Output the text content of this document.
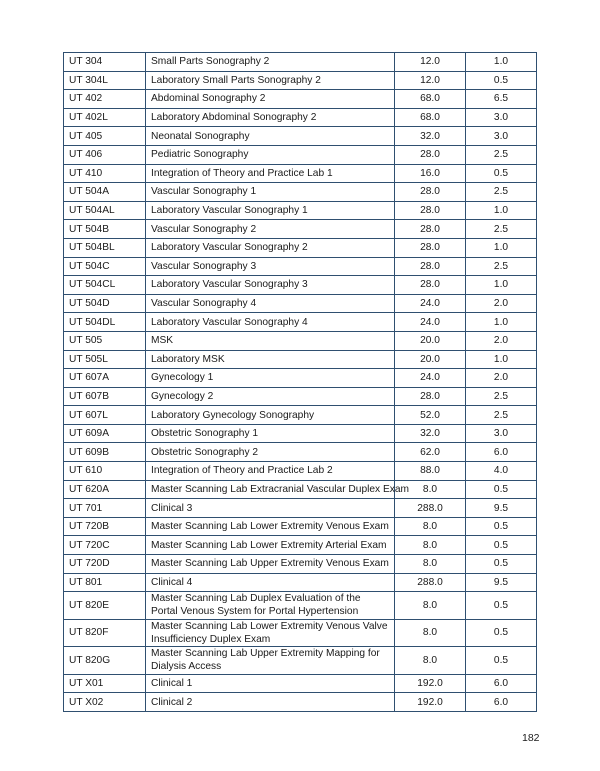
UT 304	Small Parts Sonography 2	12.0	1.0
UT 304L	Laboratory Small Parts Sonography 2	12.0	0.5
UT 402	Abdominal Sonography 2	68.0	6.5
UT 402L	Laboratory Abdominal Sonography 2	68.0	3.0
UT 405	Neonatal Sonography	32.0	3.0
UT 406	Pediatric Sonography	28.0	2.5
UT 410	Integration of Theory and Practice Lab 1	16.0	0.5
UT 504A	Vascular Sonography 1	28.0	2.5
UT 504AL	Laboratory Vascular Sonography 1	28.0	1.0
UT 504B	Vascular Sonography 2	28.0	2.5
UT 504BL	Laboratory Vascular Sonography 2	28.0	1.0
UT 504C	Vascular Sonography 3	28.0	2.5
UT 504CL	Laboratory Vascular Sonography 3	28.0	1.0
UT 504D	Vascular Sonography 4	24.0	2.0
UT 504DL	Laboratory Vascular Sonography 4	24.0	1.0
UT 505	MSK	20.0	2.0
UT 505L	Laboratory MSK	20.0	1.0
UT 607A	Gynecology 1	24.0	2.0
UT 607B	Gynecology 2	28.0	2.5
UT 607L	Laboratory Gynecology Sonography	52.0	2.5
UT 609A	Obstetric Sonography 1	32.0	3.0
UT 609B	Obstetric Sonography 2	62.0	6.0
UT 610	Integration of Theory and Practice Lab 2	88.0	4.0
UT 620A	Master Scanning Lab Extracranial Vascular Duplex Exam	8.0	0.5
UT 701	Clinical 3	288.0	9.5
UT 720B	Master Scanning Lab Lower Extremity Venous Exam	8.0	0.5
UT 720C	Master Scanning Lab Lower Extremity Arterial Exam	8.0	0.5
UT 720D	Master Scanning Lab Upper Extremity Venous Exam	8.0	0.5
UT 801	Clinical 4	288.0	9.5
UT 820E	Master Scanning Lab Duplex Evaluation of the Portal Venous System for Portal Hypertension	8.0	0.5
UT 820F	Master Scanning Lab Lower Extremity Venous Valve Insufficiency Duplex Exam	8.0	0.5
UT 820G	Master Scanning Lab Upper Extremity Mapping for Dialysis Access	8.0	0.5
UT X01	Clinical 1	192.0	6.0
UT X02	Clinical 2	192.0	6.0
182
